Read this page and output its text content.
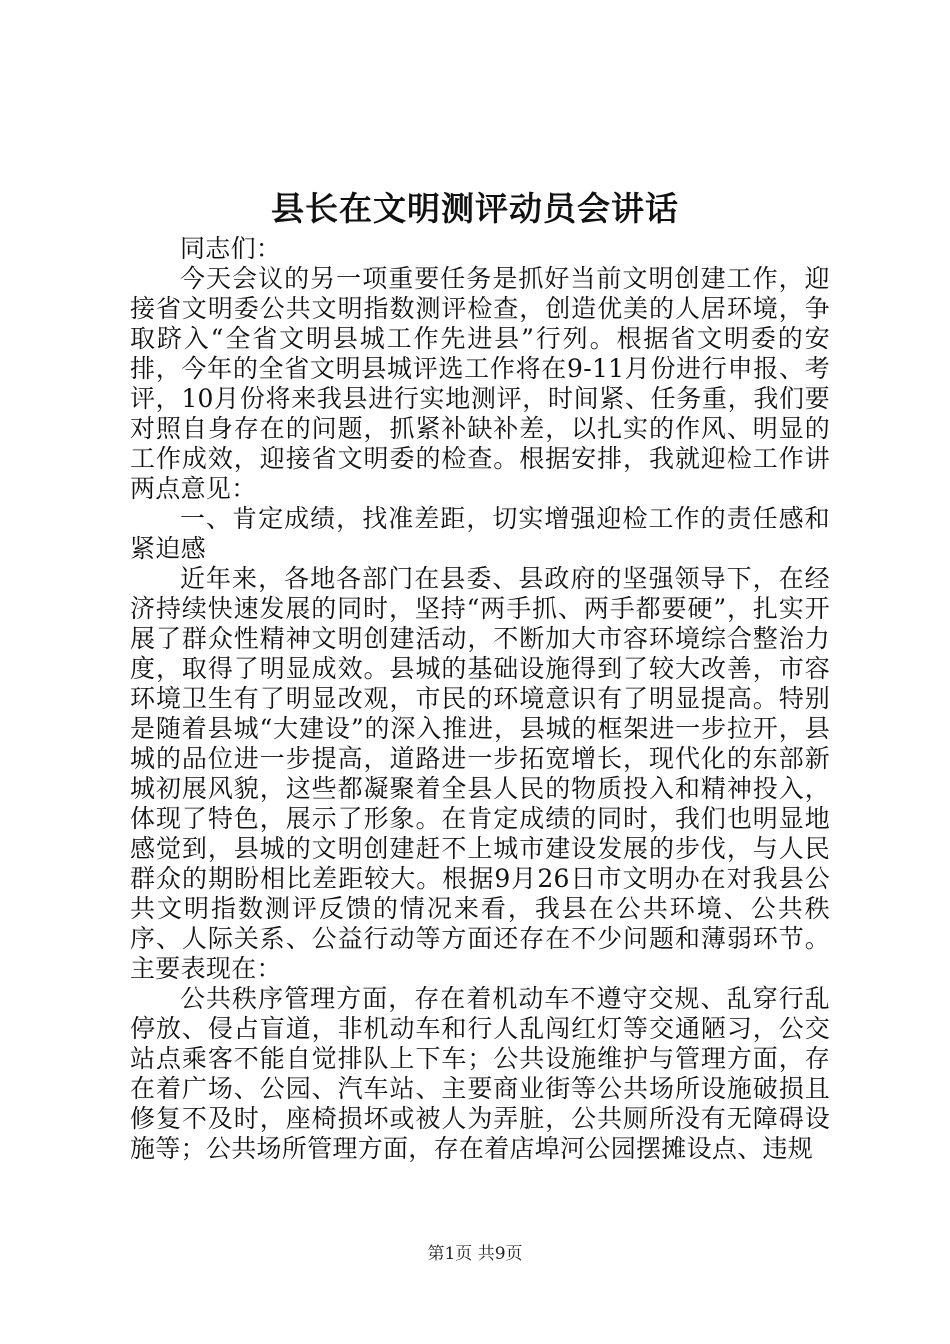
县长在文明测评动员会讲话

同志们：

今天会议的另一项重要任务是抓好当前文明创建工作，迎接省文明委公共文明指数测评检查，创造优美的人居环境，争取跻入“全省文明县城工作先进县”行列。根据省文明委的安排，今年的全省文明县城评选工作将在9-11月份进行申报、考评，10月份将来我县进行实地测评，时间紧、任务重，我们要对照自身存在的问题，抓紧补缺补差，以扎实的作风、明显的工作成效，迎接省文明委的检查。根据安排，我就迎检工作讲两点意见：

一、肯定成绩，找准差距，切实增强迎检工作的责任感和紧迫感

近年来，各地各部门在县委、县政府的坚强领导下，在经济持续快速发展的同时，坚持“两手抓、两手都要硬”，扎实开展了群众性精神文明创建活动，不断加大市容环境综合整治力度，取得了明显成效。县城的基础设施得到了较大改善，市容环境卫生有了明显改观，市民的环境意识有了明显提高。特别是随着县城“大建设”的深入推进，县城的框架进一步拉开，县城的品位进一步提高，道路进一步拓宽增长，现代化的东部新城初展风貌，这些都凝聚着全县人民的物质投入和精神投入，体现了特色，展示了形象。在肯定成绩的同时，我们也明显地感觉到，县城的文明创建赶不上城市建设发展的步伐，与人民群众的期盼相比差距较大。根据9月26日市文明办在对我县公共文明指数测评反馈的情况来看，我县在公共环境、公共秩序、人际关系、公益行动等方面还存在不少问题和薄弱环节。主要表现在：

公共秩序管理方面，存在着机动车不遵守交规、乱穿行乱停放、侵占盲道，非机动车和行人乱闯红灯等交通陋习，公交站点乘客不能自觉排队上下车；公共设施维护与管理方面，存在着广场、公园、汽车站、主要商业街等公共场所设施破损且修复不及时，座椅损坏或被人为弄脏，公共厕所没有无障碍设施等；公共场所管理方面，存在着店埠河公园摆摊设点、违规

第1页 共9页
